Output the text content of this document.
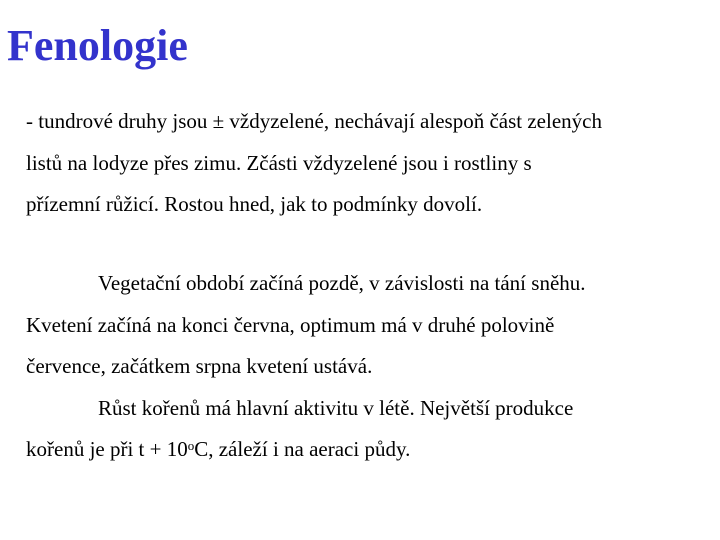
Fenologie
- tundrové druhy jsou ± vždyzelené, nechávají alespoň část zelených
listů na lodyze přes zimu. Zčásti vždyzelené jsou i rostliny s
přízemní růžicí. Rostou hned, jak to podmínky dovolí.
Vegetační období začíná pozdě, v závislosti na tání sněhu.
Kvetení začíná na konci června, optimum má v druhé polovině
července, začátkem srpna kvetení ustává.
Růst kořenů má hlavní aktivitu v létě. Největší produkce
kořenů je při $t + 10^oC$, záleží i na aeraci půdy.
